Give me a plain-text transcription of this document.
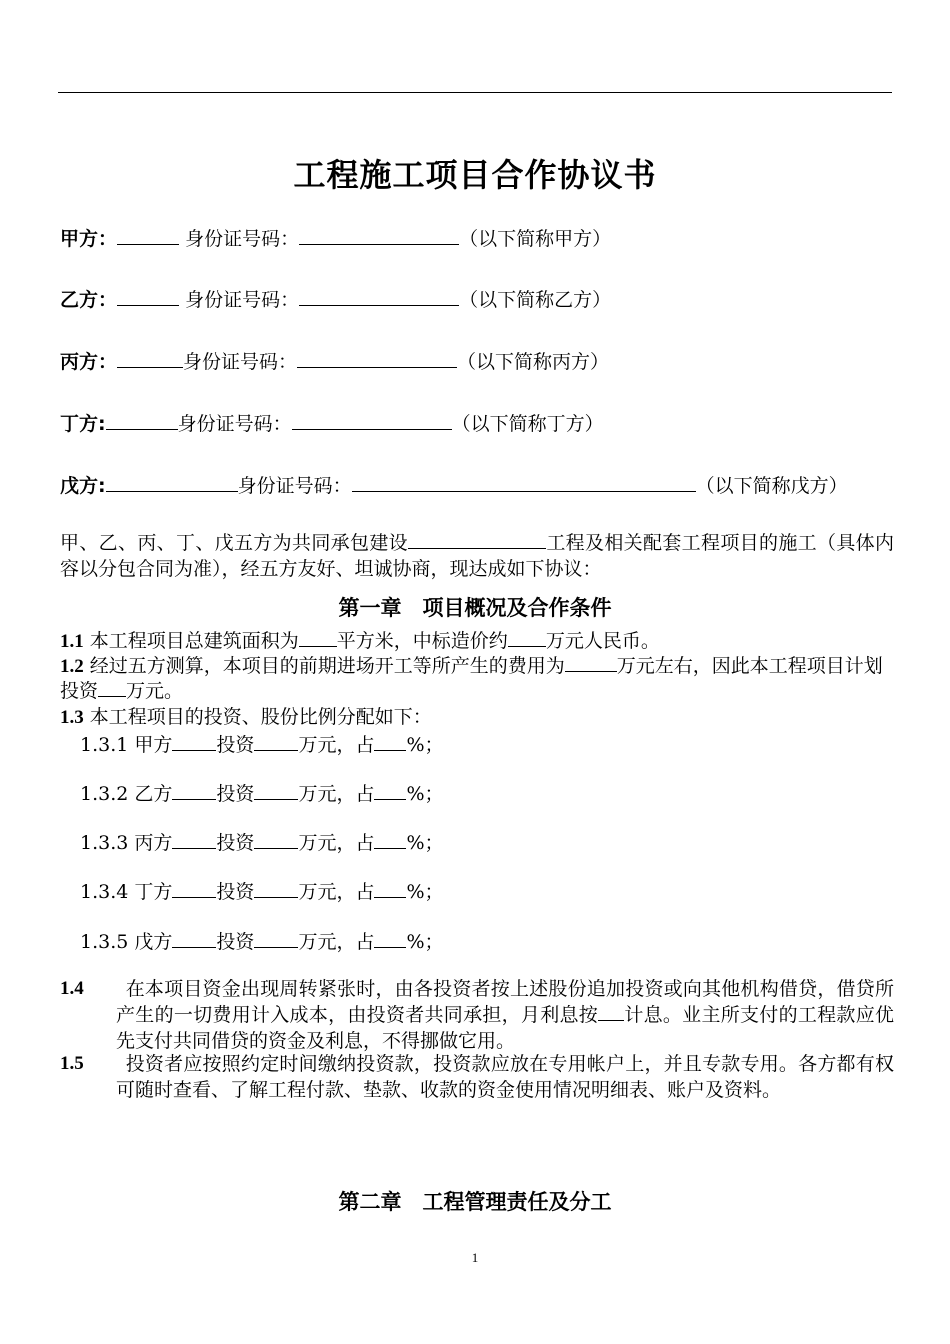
工程施工项目合作协议书
甲方：	身份证号码：	（以下简称甲方）
乙方：	身份证号码：	（以下简称乙方）
丙方：	身份证号码：	（以下简称丙方）
丁方:	身份证号码：	（以下简称丁方）
戊方:	身份证号码：	（以下简称戊方）
甲、乙、丙、丁、戊五方为共同承包建设	工程及相关配套工程项目的施工（具体内容以分包合同为准），经五方友好、坦诚协商，现达成如下协议：
第一章　项目概况及合作条件
1.1 本工程项目总建筑面积为 平方米，中标造价约 万元人民币。
1.2 经过五方测算，本项目的前期进场开工等所产生的费用为	万元左右，因此本工程项目计划投资 万元。
1.3 本工程项目的投资、股份比例分配如下：
1.3.1 甲方 投资 万元，占 %；
1.3.2 乙方 投资 万元，占 %；
1.3.3 丙方 投资 万元，占 %；
1.3.4 丁方 投资 万元，占 %；
1.3.5 戊方 投资 万元，占 %；
1.4
 	在本项目资金出现周转紧张时，由各投资者按上述股份追加投资或向其他机构借贷，借贷所产生的一切费用计入成本，由投资者共同承担，月利息按 计息。业主所支付的工程款应优先支付共同借贷的资金及利息，不得挪做它用。
1.5
 	投资者应按照约定时间缴纳投资款，投资款应放在专用帐户上，并且专款专用。各方都有权可随时查看、了解工程付款、垫款、收款的资金使用情况明细表、账户及资料。
第二章　工程管理责任及分工
1
